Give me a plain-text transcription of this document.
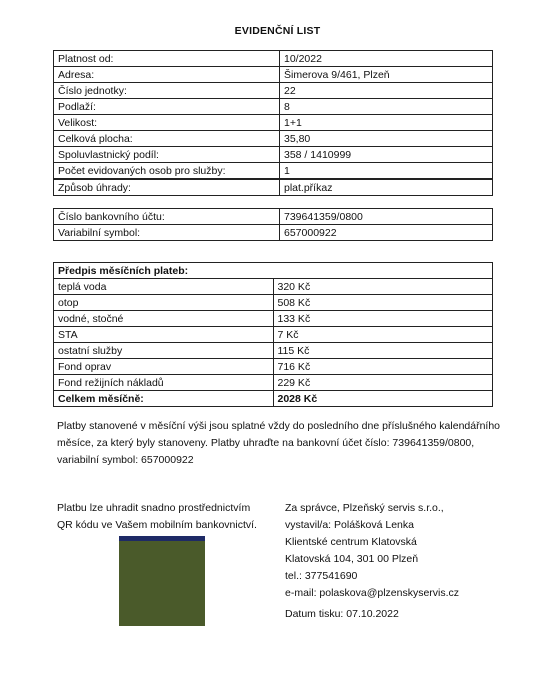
EVIDENČNÍ LIST
Platnost od:	10/2022
Adresa:	Šimerova 9/461, Plzeň
Číslo jednotky:	22
Podlaží:	8
Velikost:	1+1
Celková plocha:	35,80
Spoluvlastnický podíl:	358 / 1410999
Počet evidovaných osob pro služby:	1
Způsob úhrady:	plat.příkaz
Číslo bankovního účtu:	739641359/0800
Variabilní symbol:	657000922
Předpis měsíčních plateb:	
teplá voda	320 Kč
otop	508 Kč
vodné, stočné	133 Kč
STA	7 Kč
ostatní služby	115 Kč
Fond oprav	716 Kč
Fond režijních nákladů	229 Kč
Celkem měsíčně:	2028 Kč
Platby stanovené v měsíční výši jsou splatné vždy do posledního dne příslušného kalendářního
měsíce, za který byly stanoveny. Platby uhraďte na bankovní účet číslo: 739641359/0800,
variabilní symbol: 657000922
Platbu lze uhradit snadno prostřednictvím
QR kódu ve Vašem mobilním bankovnictví.
Za správce, Plzeňský servis s.r.o.,
vystavil/a: Polášková Lenka
Klientské centrum Klatovská
Klatovská 104, 301 00 Plzeň
tel.: 377541690
e-mail: polaskova@plzenskyservis.cz
Datum tisku: 07.10.2022
